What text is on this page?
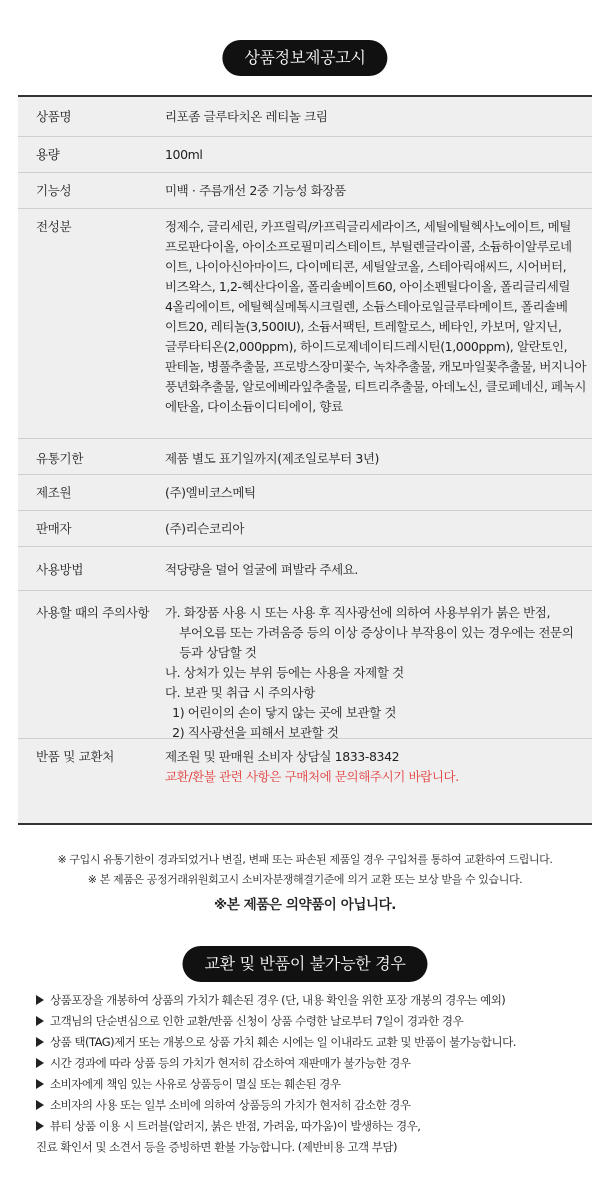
상품정보제공고시
상품명	리포좀 글루타치온 레티놀 크림
용량	100ml
기능성	미백 · 주름개선 2중 기능성 화장품
전성분	정제수, 글리세린, 카프릴릭/카프릭글리세라이즈, 세틸에틸헥사노에이트, 메틸
프로판다이올, 아이소프로필미리스테이트, 부틸렌글라이콜, 소듐하이알루로네
이트, 나이아신아마이드, 다이메티콘, 세틸알코올, 스테아릭애씨드, 시어버터,
비즈왁스, 1,2-헥산다이올, 폴리솔베이트60, 아이소펜틸다이올, 폴리글리세릴
4올리에이트, 에틸헥실메톡시크릴렌, 소듐스테아로일글루타메이트, 폴리솔베
이트20, 레티놀(3,500IU), 소듐서팩틴, 트레할로스, 베타인, 카보머, 알지닌,
글루타티온(2,000ppm), 하이드로제네이티드레시틴(1,000ppm), 알란토인,
판테놀, 병풀추출물, 프로방스장미꽃수, 녹차추출물, 캐모마일꽃추출물, 버지니아
풍년화추출물, 알로에베라잎추출물, 티트리추출물, 아데노신, 클로페네신, 페녹시
에탄올, 다이소듐이디티에이, 향료
유통기한	제품 별도 표기일까지(제조일로부터 3년)
제조원	(주)엘비코스메틱
판매자	(주)리슨코리아
사용방법	적당량을 덜어 얼굴에 펴발라 주세요.
사용할 때의 주의사항 가. 화장품 사용 시 또는 사용 후 직사광선에 의하여 사용부위가 붉은 반점,
부어오름 또는 가려움증 등의 이상 증상이나 부작용이 있는 경우에는 전문의
등과 상담할 것
나. 상처가 있는 부위 등에는 사용을 자제할 것
다. 보관 및 취급 시 주의사항
1) 어린이의 손이 닿지 않는 곳에 보관할 것
2) 직사광선을 피해서 보관할 것
반품 및 교환처	제조원 및 판매원 소비자 상담실 1833-8342
교환/환불 관련 사항은 구매처에 문의해주시기 바랍니다.
※ 구입시 유통기한이 경과되었거나 변질, 변패 또는 파손된 제품일 경우 구입처를 통하여 교환하여 드립니다.
※ 본 제품은 공정거래위원회고시 소비자분쟁해결기준에 의거 교환 또는 보상 받을 수 있습니다.
※본 제품은 의약품이 아닙니다.
교환 및 반품이 불가능한 경우
상품포장을 개봉하여 상품의 가치가 훼손된 경우 (단, 내용 확인을 위한 포장 개봉의 경우는 예외)
고객님의 단순변심으로 인한 교환/반품 신청이 상품 수령한 날로부터 7일이 경과한 경우
상품 택(TAG)제거 또는 개봉으로 상품 가치 훼손 시에는 일 이내라도 교환 및 반품이 불가능합니다.
시간 경과에 따라 상품 등의 가치가 현저히 감소하여 재판매가 불가능한 경우
소비자에게 책임 있는 사유로 상품등이 멸실 또는 훼손된 경우
소비자의 사용 또는 일부 소비에 의하여 상품등의 가치가 현저히 감소한 경우
뷰티 상품 이용 시 트러블(알러지, 붉은 반점, 가려움, 따가움)이 발생하는 경우,
진료 확인서 및 소견서 등을 증빙하면 환불 가능합니다. (제반비용 고객 부담)
